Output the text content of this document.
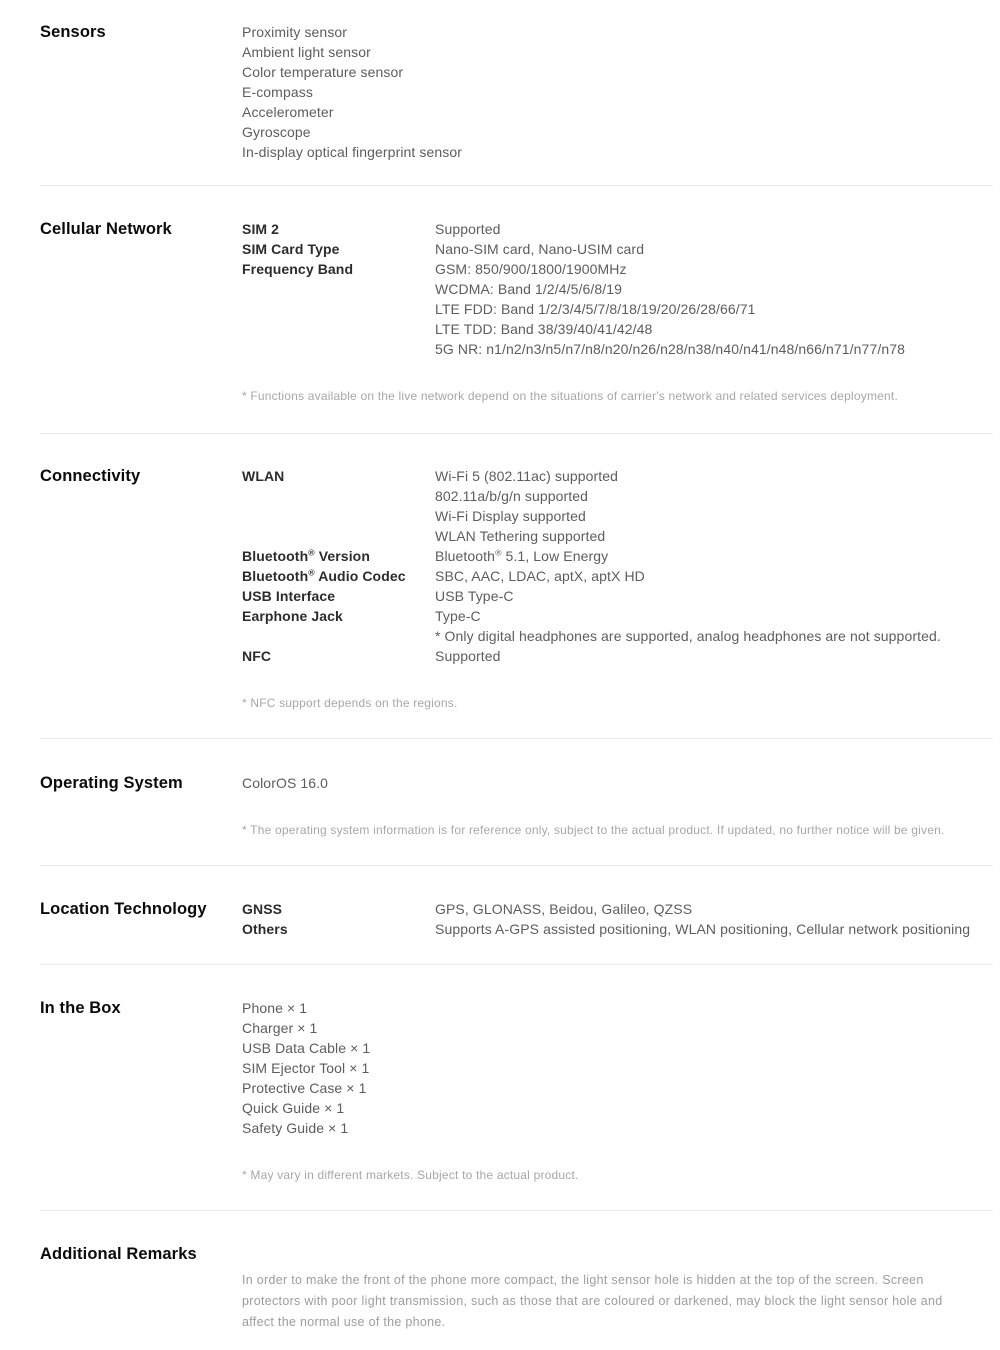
Sensors	Proximity sensor
Ambient light sensor
Color temperature sensor
E-compass
Accelerometer
Gyroscope
In-display optical fingerprint sensor
Cellular Network	SIM 2	Supported
SIM Card Type	Nano-SIM card, Nano-USIM card
Frequency Band	GSM: 850/900/1800/1900MHz
WCDMA: Band 1/2/4/5/6/8/19
LTE FDD: Band 1/2/3/4/5/7/8/18/19/20/26/28/66/71
LTE TDD: Band 38/39/40/41/42/48
5G NR: n1/n2/n3/n5/n7/n8/n20/n26/n28/n38/n40/n41/n48/n66/n71/n77/n78

* Functions available on the live network depend on the situations of carrier's network and related services deployment.

Connectivity	WLAN	Wi-Fi 5 (802.11ac) supported
802.11a/b/g/n supported
Wi-Fi Display supported
WLAN Tethering supported
Bluetooth® Version	Bluetooth® 5.1, Low Energy
Bluetooth® Audio Codec	SBC, AAC, LDAC, aptX, aptX HD
USB Interface	USB Type-C
Earphone Jack	Type-C
* Only digital headphones are supported, analog headphones are not supported.
NFC	Supported

* NFC support depends on the regions.

Operating System	ColorOS 16.0

* The operating system information is for reference only, subject to the actual product. If updated, no further notice will be given.

Location Technology	GNSS	GPS, GLONASS, Beidou, Galileo, QZSS
Others	Supports A-GPS assisted positioning, WLAN positioning, Cellular network positioning
In the Box	Phone × 1
Charger × 1
USB Data Cable × 1
SIM Ejector Tool × 1
Protective Case × 1
Quick Guide × 1
Safety Guide × 1

* May vary in different markets. Subject to the actual product.

Additional Remarks

In order to make the front of the phone more compact, the light sensor hole is hidden at the top of the screen. Screen protectors with poor light transmission, such as those that are coloured or darkened, may block the light sensor hole and affect the normal use of the phone.
